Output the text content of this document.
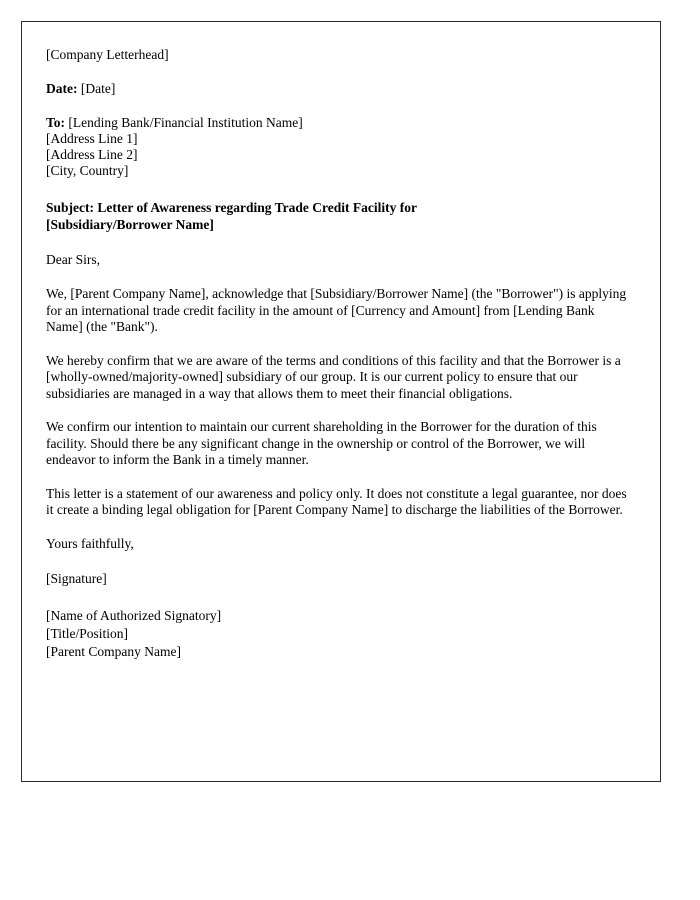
[Company Letterhead]
Date: [Date]
To: [Lending Bank/Financial Institution Name]
[Address Line 1]
[Address Line 2]
[City, Country]
Subject: Letter of Awareness regarding Trade Credit Facility for
[Subsidiary/Borrower Name]
Dear Sirs,
We, [Parent Company Name], acknowledge that [Subsidiary/Borrower Name] (the "Borrower") is applying for an international trade credit facility in the amount of [Currency and Amount] from [Lending Bank Name] (the "Bank").
We hereby confirm that we are aware of the terms and conditions of this facility and that the Borrower is a [wholly-owned/majority-owned] subsidiary of our group. It is our current policy to ensure that our subsidiaries are managed in a way that allows them to meet their financial obligations.
We confirm our intention to maintain our current shareholding in the Borrower for the duration of this facility. Should there be any significant change in the ownership or control of the Borrower, we will endeavor to inform the Bank in a timely manner.
This letter is a statement of our awareness and policy only. It does not constitute a legal guarantee, nor does it create a binding legal obligation for [Parent Company Name] to discharge the liabilities of the Borrower.
Yours faithfully,
[Signature]
[Name of Authorized Signatory]
[Title/Position]
[Parent Company Name]
